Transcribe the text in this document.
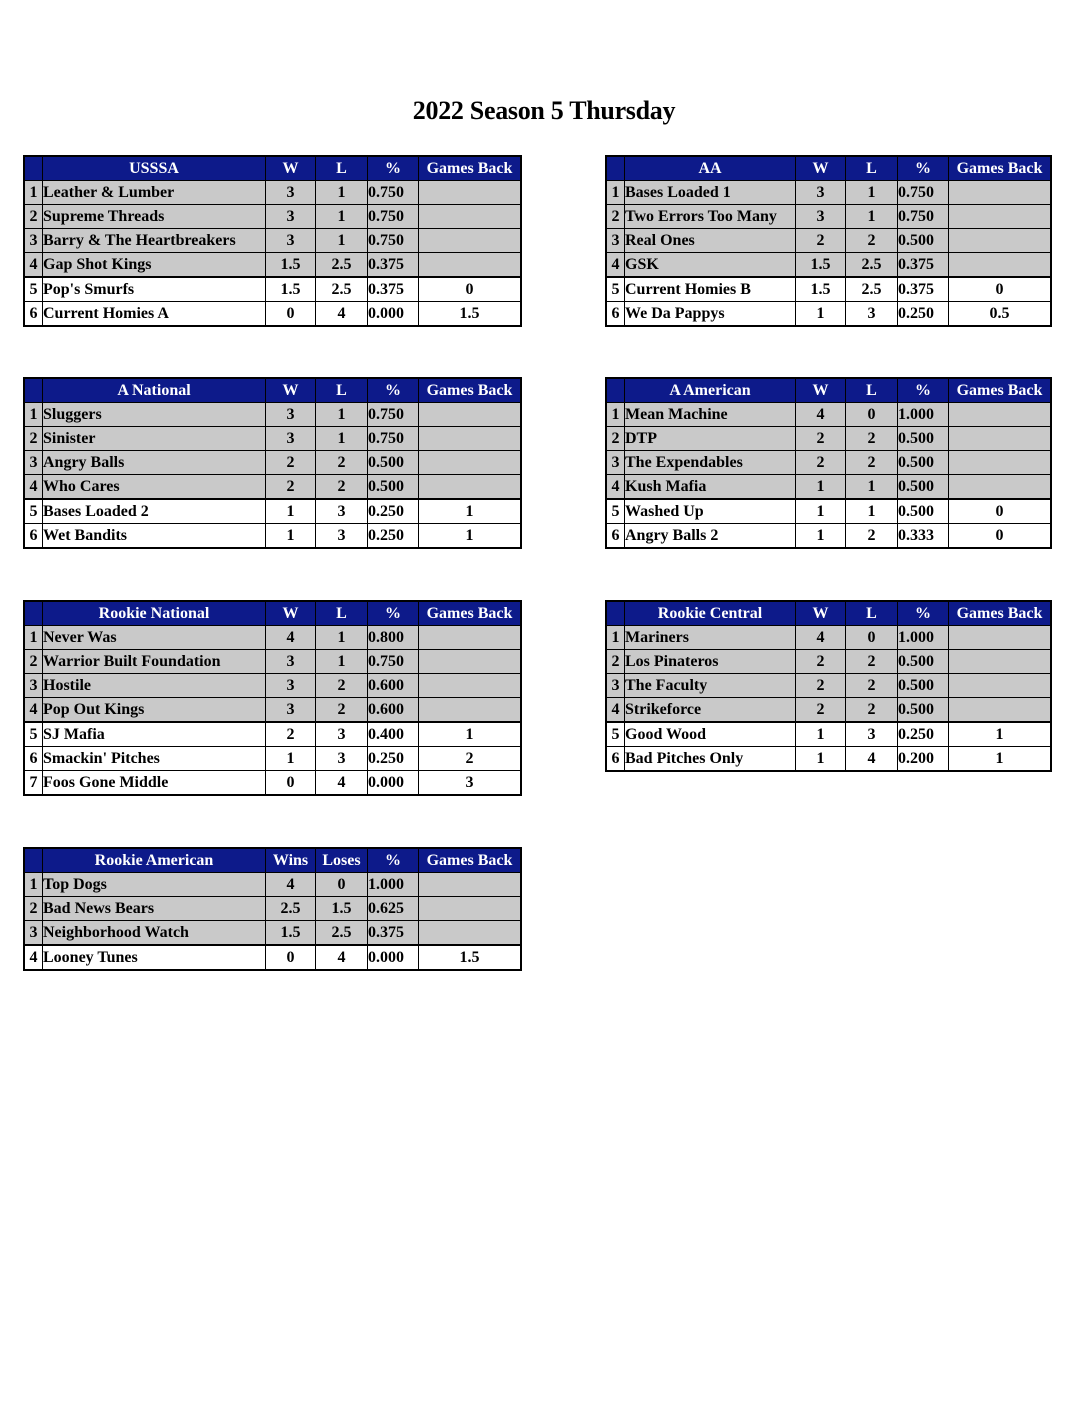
2022 Season 5 Thursday
	USSSA	W	L	%	Games Back
1	Leather & Lumber	3	1	0.750	
2	Supreme Threads	3	1	0.750	
3	Barry & The Heartbreakers	3	1	0.750	
4	Gap Shot Kings	1.5	2.5	0.375	
5	Pop's Smurfs	1.5	2.5	0.375	0
6	Current Homies A	0	4	0.000	1.5
	AA	W	L	%	Games Back
1	Bases Loaded 1	3	1	0.750	
2	Two Errors Too Many	3	1	0.750	
3	Real Ones	2	2	0.500	
4	GSK	1.5	2.5	0.375	
5	Current Homies B	1.5	2.5	0.375	0
6	We Da Pappys	1	3	0.250	0.5
	A National	W	L	%	Games Back
1	Sluggers	3	1	0.750	
2	Sinister	3	1	0.750	
3	Angry Balls	2	2	0.500	
4	Who Cares	2	2	0.500	
5	Bases Loaded 2	1	3	0.250	1
6	Wet Bandits	1	3	0.250	1
	A American	W	L	%	Games Back
1	Mean Machine	4	0	1.000	
2	DTP	2	2	0.500	
3	The Expendables	2	2	0.500	
4	Kush Mafia	1	1	0.500	
5	Washed Up	1	1	0.500	0
6	Angry Balls 2	1	2	0.333	0
	Rookie National	W	L	%	Games Back
1	Never Was	4	1	0.800	
2	Warrior Built Foundation	3	1	0.750	
3	Hostile	3	2	0.600	
4	Pop Out Kings	3	2	0.600	
5	SJ Mafia	2	3	0.400	1
6	Smackin' Pitches	1	3	0.250	2
7	Foos Gone Middle	0	4	0.000	3
	Rookie Central	W	L	%	Games Back
1	Mariners	4	0	1.000	
2	Los Pinateros	2	2	0.500	
3	The Faculty	2	2	0.500	
4	Strikeforce	2	2	0.500	
5	Good Wood	1	3	0.250	1
6	Bad Pitches Only	1	4	0.200	1
	Rookie American	Wins	Loses	%	Games Back
1	Top Dogs	4	0	1.000	
2	Bad News Bears	2.5	1.5	0.625	
3	Neighborhood Watch	1.5	2.5	0.375	
4	Looney Tunes	0	4	0.000	1.5
